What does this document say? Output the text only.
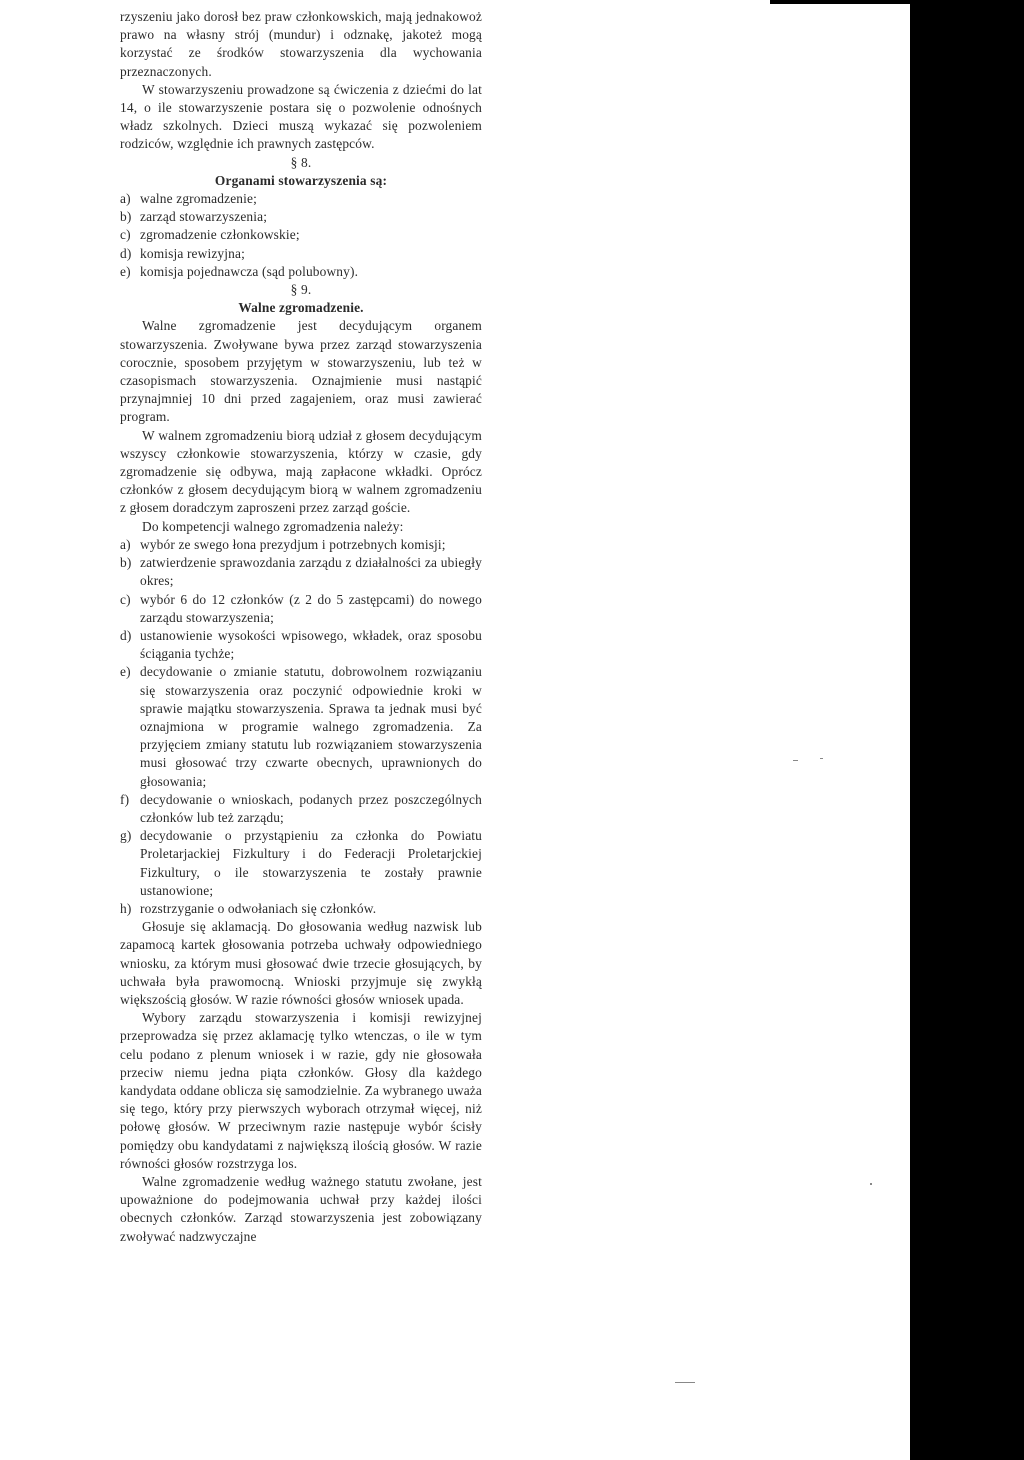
rzyszeniu jako dorosł bez praw członkowskich, mają jednakowoż prawo na własny strój (mundur) i odznakę, jakoteż mogą korzystać ze środków stowarzyszenia dla wychowania przeznaczonych.

W stowarzyszeniu prowadzone są ćwiczenia z dziećmi do lat 14, o ile stowarzyszenie postara się o pozwolenie odnośnych władz szkolnych. Dzieci muszą wykazać się pozwoleniem rodziców, względnie ich prawnych zastępców.

§ 8.

Organami stowarzyszenia są:

a) walne zgromadzenie;
b) zarząd stowarzyszenia;
c) zgromadzenie członkowskie;
d) komisja rewizyjna;
e) komisja pojednawcza (sąd polubowny).

§ 9.

Walne zgromadzenie.

Walne zgromadzenie jest decydującym organem stowarzyszenia. Zwoływane bywa przez zarząd stowarzyszenia corocznie, sposobem przyjętym w stowarzyszeniu, lub też w czasopismach stowarzyszenia. Oznajmienie musi nastąpić przynajmniej 10 dni przed zagajeniem, oraz musi zawierać program.

W walnem zgromadzeniu biorą udział z głosem decydującym wszyscy członkowie stowarzyszenia, którzy w czasie, gdy zgromadzenie się odbywa, mają zapłacone wkładki. Oprócz członków z głosem decydującym biorą w walnem zgromadzeniu z głosem doradczym zaproszeni przez zarząd goście.

Do kompetencji walnego zgromadzenia należy:

a) wybór ze swego łona prezydjum i potrzebnych komisji;
b) zatwierdzenie sprawozdania zarządu z działalności za ubiegły okres;
c) wybór 6 do 12 członków (z 2 do 5 zastępcami) do nowego zarządu stowarzyszenia;
d) ustanowienie wysokości wpisowego, wkładek, oraz sposobu ściągania tychże;
e) decydowanie o zmianie statutu, dobrowolnem rozwiązaniu się stowarzyszenia oraz poczynić odpowiednie kroki w sprawie majątku stowarzyszenia. Sprawa ta jednak musi być oznajmiona w programie walnego zgromadzenia. Za przyjęciem zmiany statutu lub rozwiązaniem stowarzyszenia musi głosować trzy czwarte obecnych, uprawnionych do głosowania;
f) decydowanie o wnioskach, podanych przez poszczególnych członków lub też zarządu;
g) decydowanie o przystąpieniu za członka do Powiatu Proletarjackiej Fizkultury i do Federacji Proletarjckiej Fizkultury, o ile stowarzyszenia te zostały prawnie ustanowione;
h) rozstrzyganie o odwołaniach się członków.

Głosuje się aklamacją. Do głosowania według nazwisk lub zapamocą kartek głosowania potrzeba uchwały odpowiedniego wniosku, za którym musi głosować dwie trzecie głosujących, by uchwała była prawomocną. Wnioski przyjmuje się zwykłą większością głosów. W razie równości głosów wniosek upada.

Wybory zarządu stowarzyszenia i komisji rewizyjnej przeprowadza się przez aklamację tylko wtenczas, o ile w tym celu podano z plenum wniosek i w razie, gdy nie głosowała przeciw niemu jedna piąta członków. Głosy dla każdego kandydata oddane oblicza się samodzielnie. Za wybranego uważa się tego, który przy pierwszych wyborach otrzymał więcej, niż połowę głosów. W przeciwnym razie następuje wybór ścisły pomiędzy obu kandydatami z największą ilością głosów. W razie równości głosów rozstrzyga los.

Walne zgromadzenie według ważnego statutu zwołane, jest upoważnione do podejmowania uchwał przy każdej ilości obecnych członków. Zarząd stowarzyszenia jest zobowiązany zwoływać nadzwyczajne
